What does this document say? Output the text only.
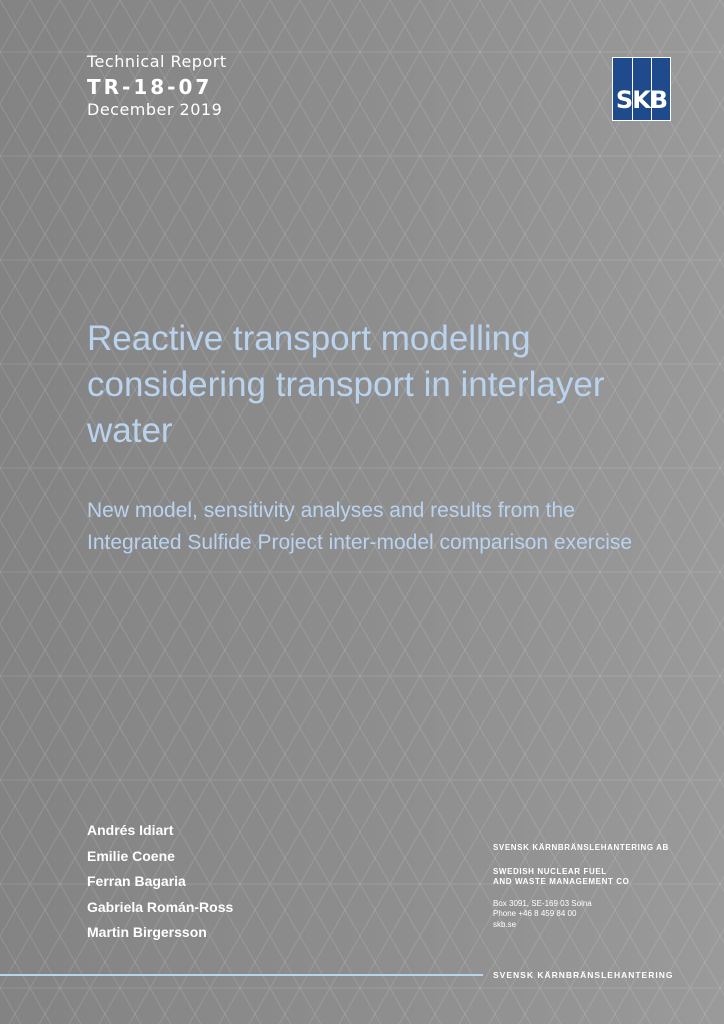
Technical Report
TR-18-07
December 2019	SKB
Reactive transport modelling considering transport in interlayer water
New model, sensitivity analyses and results from the Integrated Sulfide Project inter-model comparison exercise
Andrés Idiart
Emilie Coene
Ferran Bagaria
Gabriela Román-Ross
Martin Birgersson
SVENSK KÄRNBRÄNSLEHANTERING AB
SWEDISH NUCLEAR FUEL
AND WASTE MANAGEMENT CO
Box 3091, SE-169 03 Solna
Phone +46 8 459 84 00
skb.se
SVENSK KÄRNBRÄNSLEHANTERING
